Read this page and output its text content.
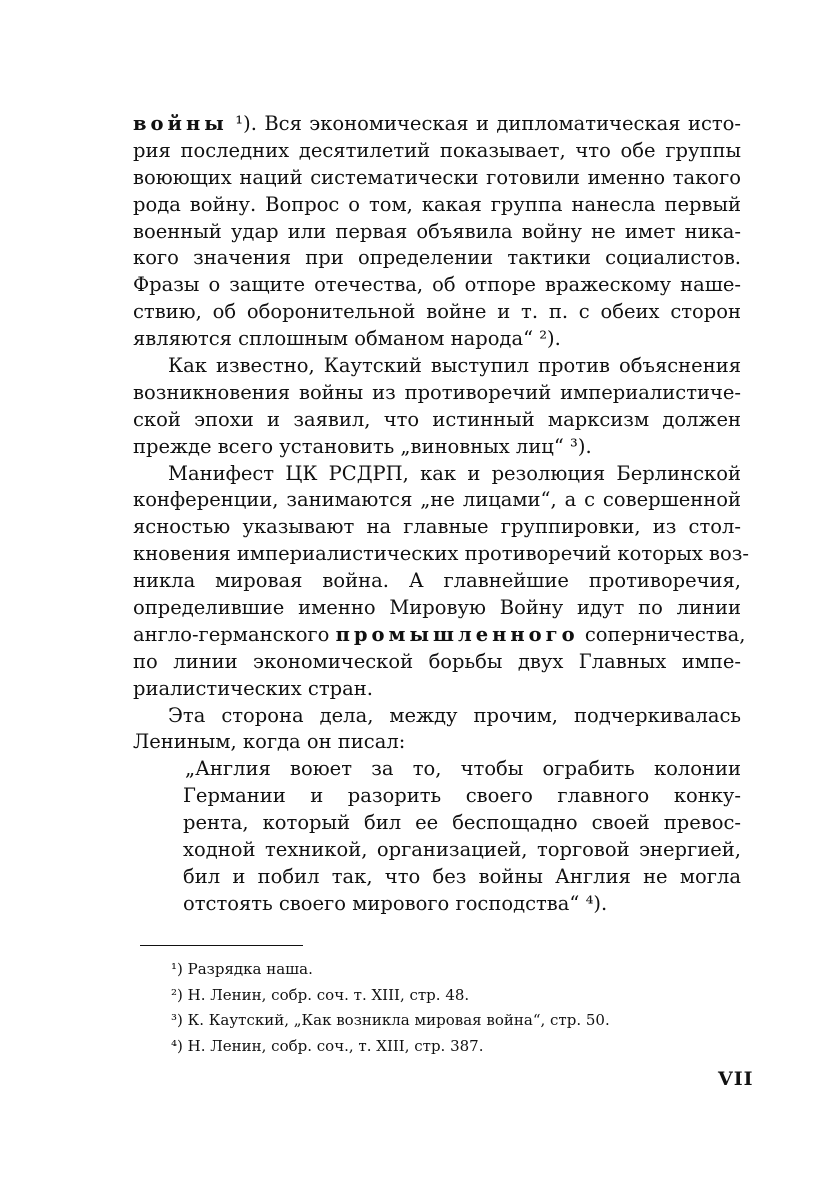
войны ¹). Вся экономическая и дипломатическая исто-
рия последних десятилетий показывает, что обе группы
воюющих наций систематически готовили именно такого
рода войну. Вопрос о том, какая группа нанесла первый
военный удар или первая объявила войну не имет ника-
кого значения при определении тактики социалистов.
Фразы о защите отечества, об отпоре вражескому наше-
ствию, об оборонительной войне и т. п. с обеих сторон
являются сплошным обманом народа“ ²).
Как известно, Каутский выступил против объяснения
возникновения войны из противоречий империалистиче-
ской эпохи и заявил, что истинный марксизм должен
прежде всего установить „виновных лиц“ ³).
Манифест ЦК РСДРП, как и резолюция Берлинской
конференции, занимаются „не лицами“, а с совершенной
ясностью указывают на главные группировки, из стол-
кновения империалистических противоречий которых воз-
никла мировая война. А главнейшие противоречия,
определившие именно Мировую Войну идут по линии
англо-германского промышленного соперничества,
по линии экономической борьбы двух Главных импе-
риалистических стран.
Эта сторона дела, между прочим, подчеркивалась
Лениным, когда он писал:
„Англия воюет за то, чтобы ограбить колонии
Германии и разорить своего главного конку-
рента, который бил ее беспощадно своей превос-
ходной техникой, организацией, торговой энергией,
бил и побил так, что без войны Англия не могла
отстоять своего мирового господства“ ⁴).
¹) Разрядка наша.
²) Н. Ленин, собр. соч. т. XIII, стр. 48.
³) К. Каутский, „Как возникла мировая война“, стр. 50.
⁴) Н. Ленин, собр. соч., т. XIII, стр. 387.
VII
